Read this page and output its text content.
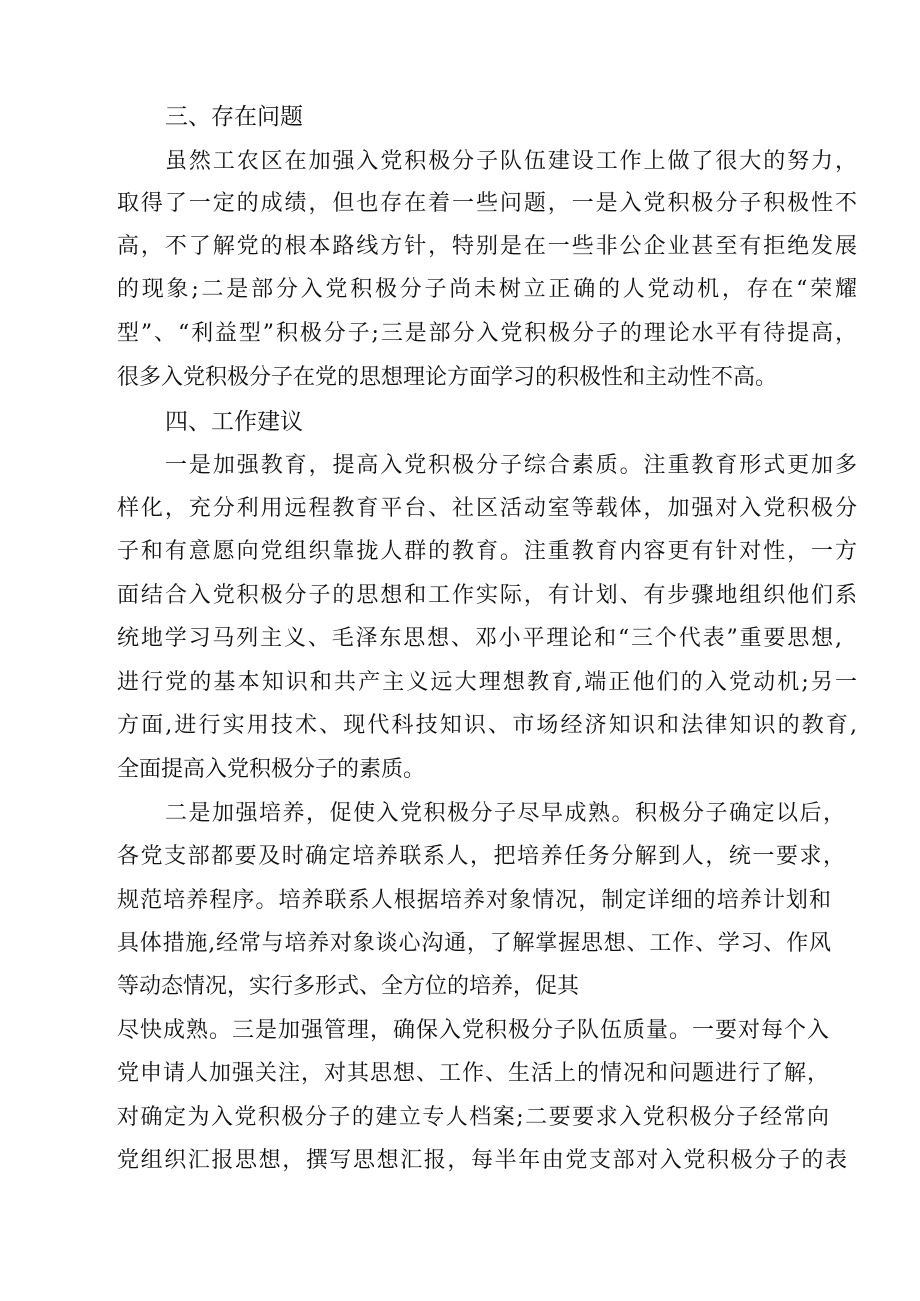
三、存在问题
虽然工农区在加强入党积极分子队伍建设工作上做了很大的努力，
取得了一定的成绩，但也存在着一些问题，一是入党积极分子积极性不
高，不了解党的根本路线方针，特别是在一些非公企业甚至有拒绝发展
的现象;二是部分入党积极分子尚未树立正确的人党动机，存在“荣耀
型”、“利益型”积极分子;三是部分入党积极分子的理论水平有待提高，
很多入党积极分子在党的思想理论方面学习的积极性和主动性不高。
四、工作建议
一是加强教育，提高入党积极分子综合素质。注重教育形式更加多
样化，充分利用远程教育平台、社区活动室等载体，加强对入党积极分
子和有意愿向党组织靠拢人群的教育。注重教育内容更有针对性，一方
面结合入党积极分子的思想和工作实际，有计划、有步骤地组织他们系
统地学习马列主义、毛泽东思想、邓小平理论和“三个代表”重要思想,
进行党的基本知识和共产主义远大理想教育,端正他们的入党动机;另一
方面,进行实用技术、现代科技知识、市场经济知识和法律知识的教育,
全面提高入党积极分子的素质。
二是加强培养，促使入党积极分子尽早成熟。积极分子确定以后，
各党支部都要及时确定培养联系人，把培养任务分解到人，统一要求，
规范培养程序。培养联系人根据培养对象情况，制定详细的培养计划和
具体措施,经常与培养对象谈心沟通，了解掌握思想、工作、学习、作风
等动态情况，实行多形式、全方位的培养，促其
尽快成熟。三是加强管理，确保入党积极分子队伍质量。一要对每个入
党申请人加强关注，对其思想、工作、生活上的情况和问题进行了解，
对确定为入党积极分子的建立专人档案;二要要求入党积极分子经常向
党组织汇报思想，撰写思想汇报，每半年由党支部对入党积极分子的表
